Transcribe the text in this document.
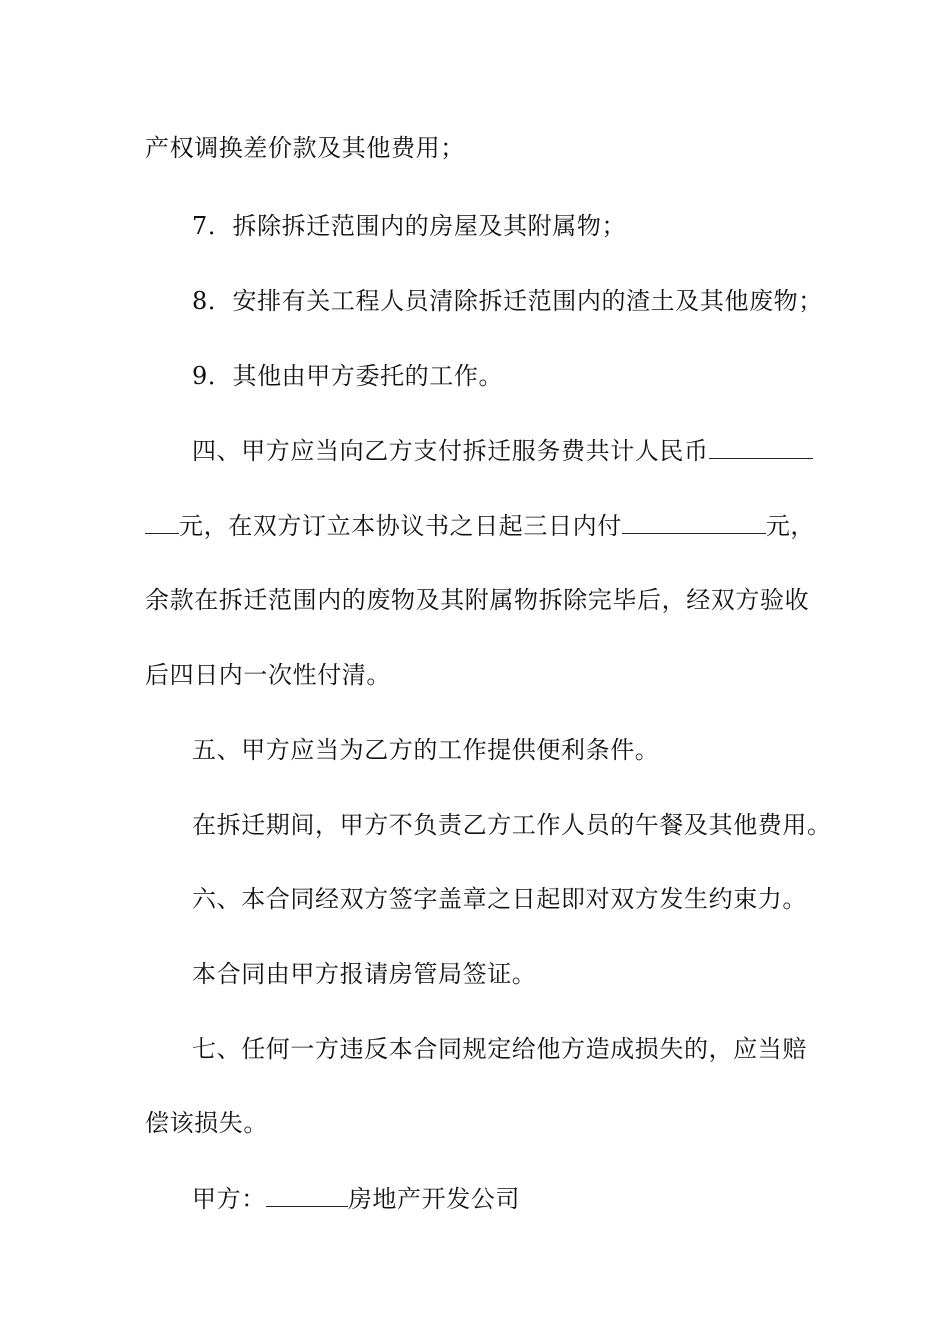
产权调换差价款及其他费用；
7．拆除拆迁范围内的房屋及其附属物；
8．安排有关工程人员清除拆迁范围内的渣土及其他废物；
9．其他由甲方委托的工作。
四、甲方应当向乙方支付拆迁服务费共计人民币
元，在双方订立本协议书之日起三日内付	元，
余款在拆迁范围内的废物及其附属物拆除完毕后，经双方验收
后四日内一次性付清。
五、甲方应当为乙方的工作提供便利条件。
在拆迁期间，甲方不负责乙方工作人员的午餐及其他费用。
六、本合同经双方签字盖章之日起即对双方发生约束力。
本合同由甲方报请房管局签证。
七、任何一方违反本合同规定给他方造成损失的，应当赔
偿该损失。
甲方：	房地产开发公司
